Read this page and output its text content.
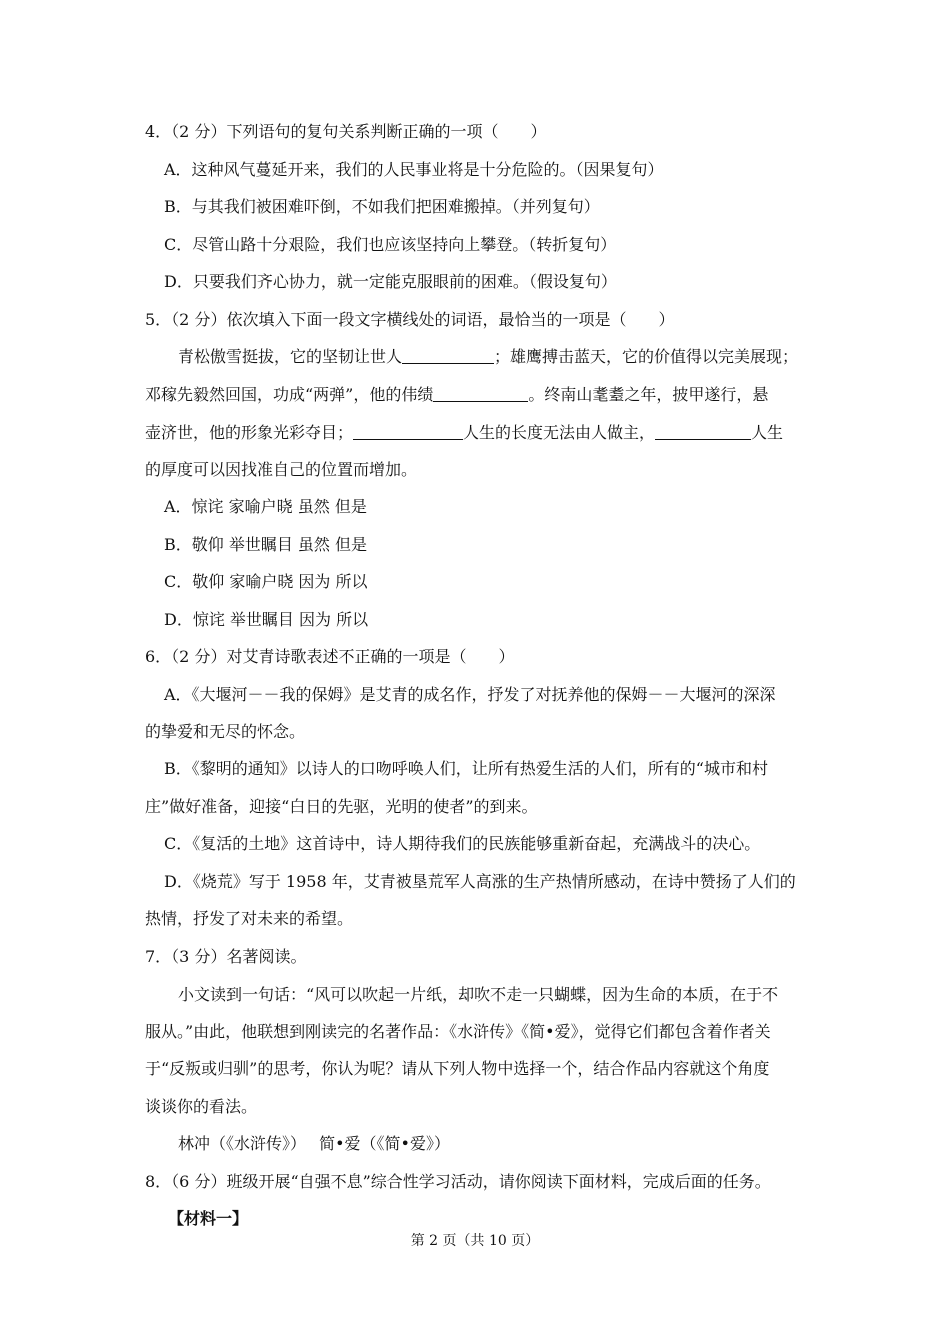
4．（2 分）下列语句的复句关系判断正确的一项（　　）
A．这种风气蔓延开来，我们的人民事业将是十分危险的。（因果复句）
B．与其我们被困难吓倒，不如我们把困难搬掉。（并列复句）
C．尽管山路十分艰险，我们也应该坚持向上攀登。（转折复句）
D．只要我们齐心协力，就一定能克服眼前的困难。（假设复句）
5．（2 分）依次填入下面一段文字横线处的词语，最恰当的一项是（　　）
青松傲雪挺拔，它的坚韧让世人	；雄鹰搏击蓝天，它的价值得以完美展现；
邓稼先毅然回国，功成“两弹”，他的伟绩	。终南山耄耋之年，披甲遂行，悬
壶济世，他的形象光彩夺目；	人生的长度无法由人做主，	人生
的厚度可以因找准自己的位置而增加。
A．惊诧 家喻户晓 虽然 但是
B．敬仰 举世瞩目 虽然 但是
C．敬仰 家喻户晓 因为 所以
D．惊诧 举世瞩目 因为 所以
6．（2 分）对艾青诗歌表述不正确的一项是（　　）
A．《大堰河－－我的保姆》是艾青的成名作，抒发了对抚养他的保姆－－大堰河的深深
的挚爱和无尽的怀念。
B．《黎明的通知》以诗人的口吻呼唤人们，让所有热爱生活的人们，所有的“城市和村
庄”做好准备，迎接“白日的先驱，光明的使者”的到来。
C．《复活的土地》这首诗中，诗人期待我们的民族能够重新奋起，充满战斗的决心。
D．《烧荒》写于 1958 年，艾青被垦荒军人高涨的生产热情所感动，在诗中赞扬了人们的
热情，抒发了对未来的希望。
7．（3 分）名著阅读。
小文读到一句话：“风可以吹起一片纸，却吹不走一只蝴蝶，因为生命的本质，在于不
服从。”由此，他联想到刚读完的名著作品：《水浒传》《简•爱》，觉得它们都包含着作者关
于“反叛或归驯”的思考，你认为呢？请从下列人物中选择一个，结合作品内容就这个角度
谈谈你的看法。
林冲（《水浒传》）　 简•爱（《简•爱》）
8．（6 分）班级开展“自强不息”综合性学习活动，请你阅读下面材料，完成后面的任务。
【材料一】
第 2 页（共 10 页）
